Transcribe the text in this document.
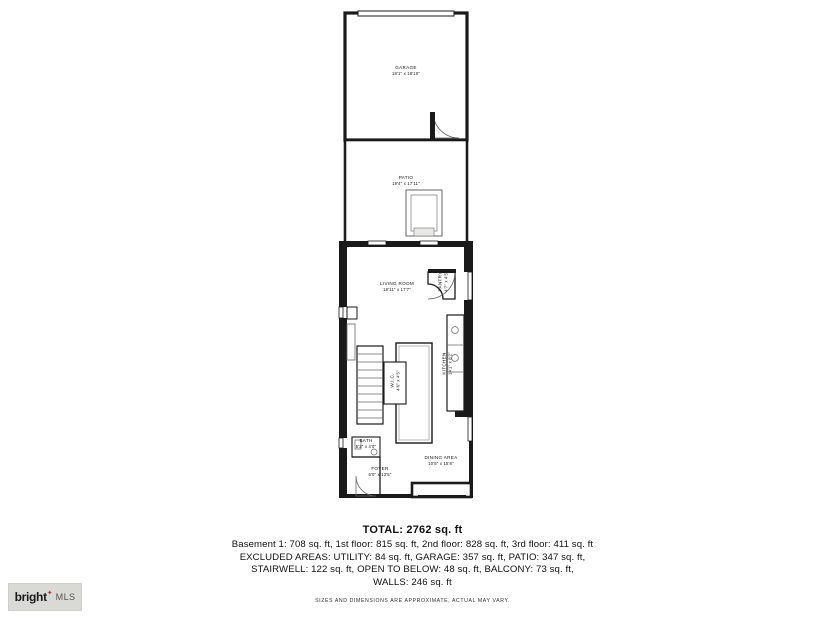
GARAGE
18'1" x 18'10"
PATIO
19'4" x 17'11"
LIVING ROOM
18'11" x 17'7"
KITCHEN 14'1" x 8'2"
PANTRY 4'7" x 4'5"
DINING AREA
10'8" x 15'8"
FOYER
6'0" x 13'5"
BATH
5'2" x 4'0"
W.I.C. 4'6" x 4'5"
TOTAL: 2762 sq. ft
Basement 1: 708 sq. ft, 1st floor: 815 sq. ft, 2nd floor: 828 sq. ft, 3rd floor: 411 sq. ft
EXCLUDED AREAS: UTILITY: 84 sq. ft, GARAGE: 357 sq. ft, PATIO: 347 sq. ft,
STAIRWELL: 122 sq. ft, OPEN TO BELOW: 48 sq. ft, BALCONY: 73 sq. ft,
WALLS: 246 sq. ft
SIZES AND DIMENSIONS ARE APPROXIMATE, ACTUAL MAY VARY.
bright ✦ MLS
